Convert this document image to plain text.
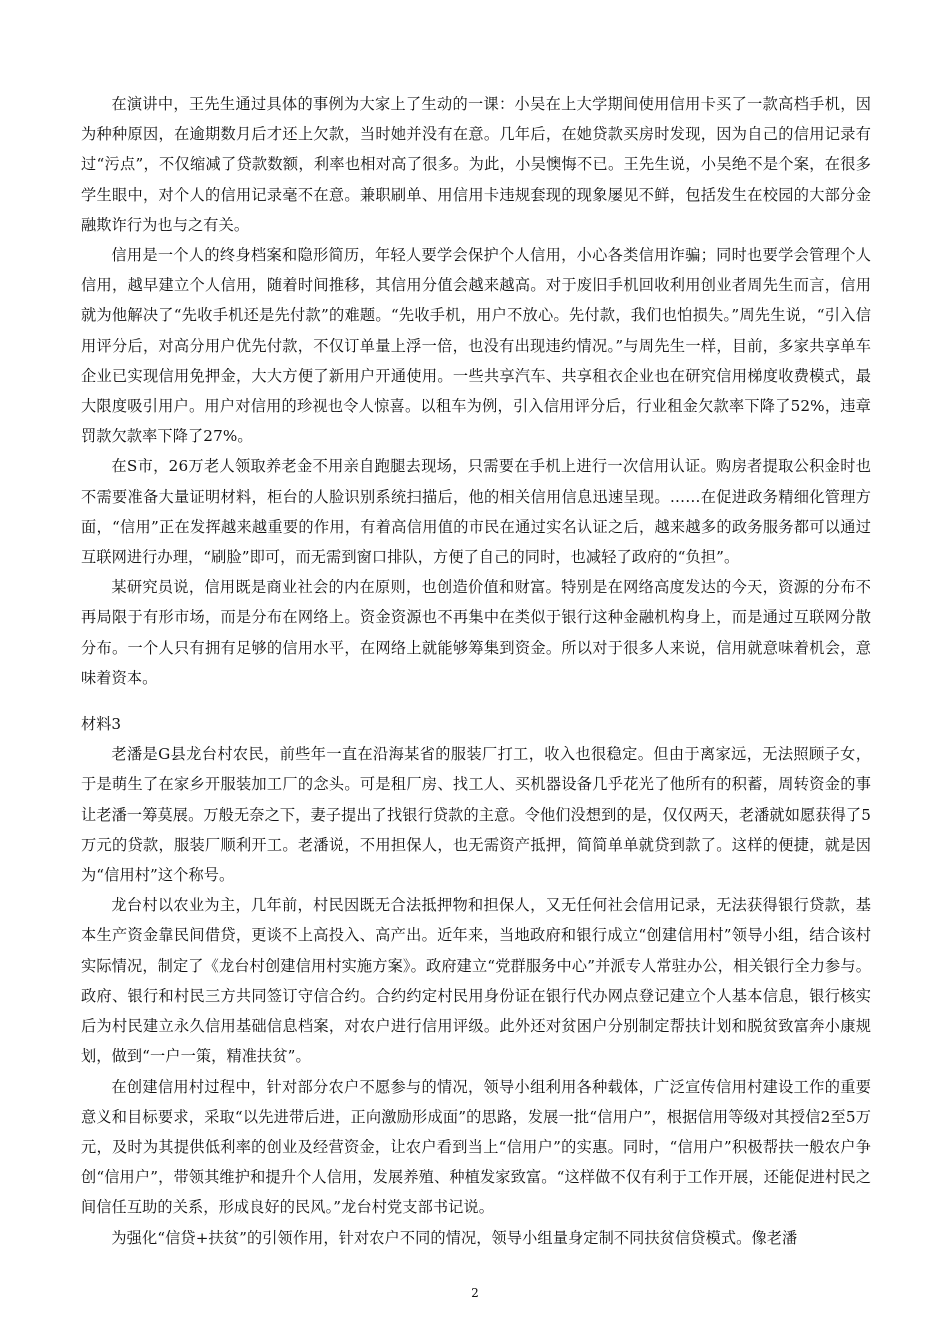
在演讲中，王先生通过具体的事例为大家上了生动的一课：小吴在上大学期间使用信用卡买了一款高档手机，因为种种原因，在逾期数月后才还上欠款，当时她并没有在意。几年后，在她贷款买房时发现，因为自己的信用记录有过“污点”，不仅缩减了贷款数额，利率也相对高了很多。为此，小吴懊悔不已。王先生说，小吴绝不是个案，在很多学生眼中，对个人的信用记录毫不在意。兼职刷单、用信用卡违规套现的现象屡见不鲜，包括发生在校园的大部分金融欺诈行为也与之有关。

信用是一个人的终身档案和隐形简历，年轻人要学会保护个人信用，小心各类信用诈骗；同时也要学会管理个人信用，越早建立个人信用，随着时间推移，其信用分值会越来越高。对于废旧手机回收利用创业者周先生而言，信用就为他解决了“先收手机还是先付款”的难题。“先收手机，用户不放心。先付款，我们也怕损失。”周先生说，“引入信用评分后，对高分用户优先付款，不仅订单量上浮一倍，也没有出现违约情况。”与周先生一样，目前，多家共享单车企业已实现信用免押金，大大方便了新用户开通使用。一些共享汽车、共享租衣企业也在研究信用梯度收费模式，最大限度吸引用户。用户对信用的珍视也令人惊喜。以租车为例，引入信用评分后，行业租金欠款率下降了52%，违章罚款欠款率下降了27%。

在S市，26万老人领取养老金不用亲自跑腿去现场，只需要在手机上进行一次信用认证。购房者提取公积金时也不需要准备大量证明材料，柜台的人脸识别系统扫描后，他的相关信用信息迅速呈现。……在促进政务精细化管理方面，“信用”正在发挥越来越重要的作用，有着高信用值的市民在通过实名认证之后，越来越多的政务服务都可以通过互联网进行办理，“刷脸”即可，而无需到窗口排队，方便了自己的同时，也减轻了政府的“负担”。

某研究员说，信用既是商业社会的内在原则，也创造价值和财富。特别是在网络高度发达的今天，资源的分布不再局限于有形市场，而是分布在网络上。资金资源也不再集中在类似于银行这种金融机构身上，而是通过互联网分散分布。一个人只有拥有足够的信用水平，在网络上就能够筹集到资金。所以对于很多人来说，信用就意味着机会，意味着资本。

材料3

老潘是G县龙台村农民，前些年一直在沿海某省的服装厂打工，收入也很稳定。但由于离家远，无法照顾子女，于是萌生了在家乡开服装加工厂的念头。可是租厂房、找工人、买机器设备几乎花光了他所有的积蓄，周转资金的事让老潘一筹莫展。万般无奈之下，妻子提出了找银行贷款的主意。令他们没想到的是，仅仅两天，老潘就如愿获得了5万元的贷款，服装厂顺利开工。老潘说，不用担保人，也无需资产抵押，简简单单就贷到款了。这样的便捷，就是因为“信用村”这个称号。

龙台村以农业为主，几年前，村民因既无合法抵押物和担保人，又无任何社会信用记录，无法获得银行贷款，基本生产资金靠民间借贷，更谈不上高投入、高产出。近年来，当地政府和银行成立“创建信用村”领导小组，结合该村实际情况，制定了《龙台村创建信用村实施方案》。政府建立“党群服务中心”并派专人常驻办公，相关银行全力参与。政府、银行和村民三方共同签订守信合约。合约约定村民用身份证在银行代办网点登记建立个人基本信息，银行核实后为村民建立永久信用基础信息档案，对农户进行信用评级。此外还对贫困户分别制定帮扶计划和脱贫致富奔小康规划，做到“一户一策，精准扶贫”。

在创建信用村过程中，针对部分农户不愿参与的情况，领导小组利用各种载体，广泛宣传信用村建设工作的重要意义和目标要求，采取“以先进带后进，正向激励形成面”的思路，发展一批“信用户”，根据信用等级对其授信2至5万元，及时为其提供低利率的创业及经营资金，让农户看到当上“信用户”的实惠。同时，“信用户”积极帮扶一般农户争创“信用户”，带领其维护和提升个人信用，发展养殖、种植发家致富。“这样做不仅有利于工作开展，还能促进村民之间信任互助的关系，形成良好的民风。”龙台村党支部书记说。

为强化“信贷+扶贫”的引领作用，针对农户不同的情况，领导小组量身定制不同扶贫信贷模式。像老潘

2
